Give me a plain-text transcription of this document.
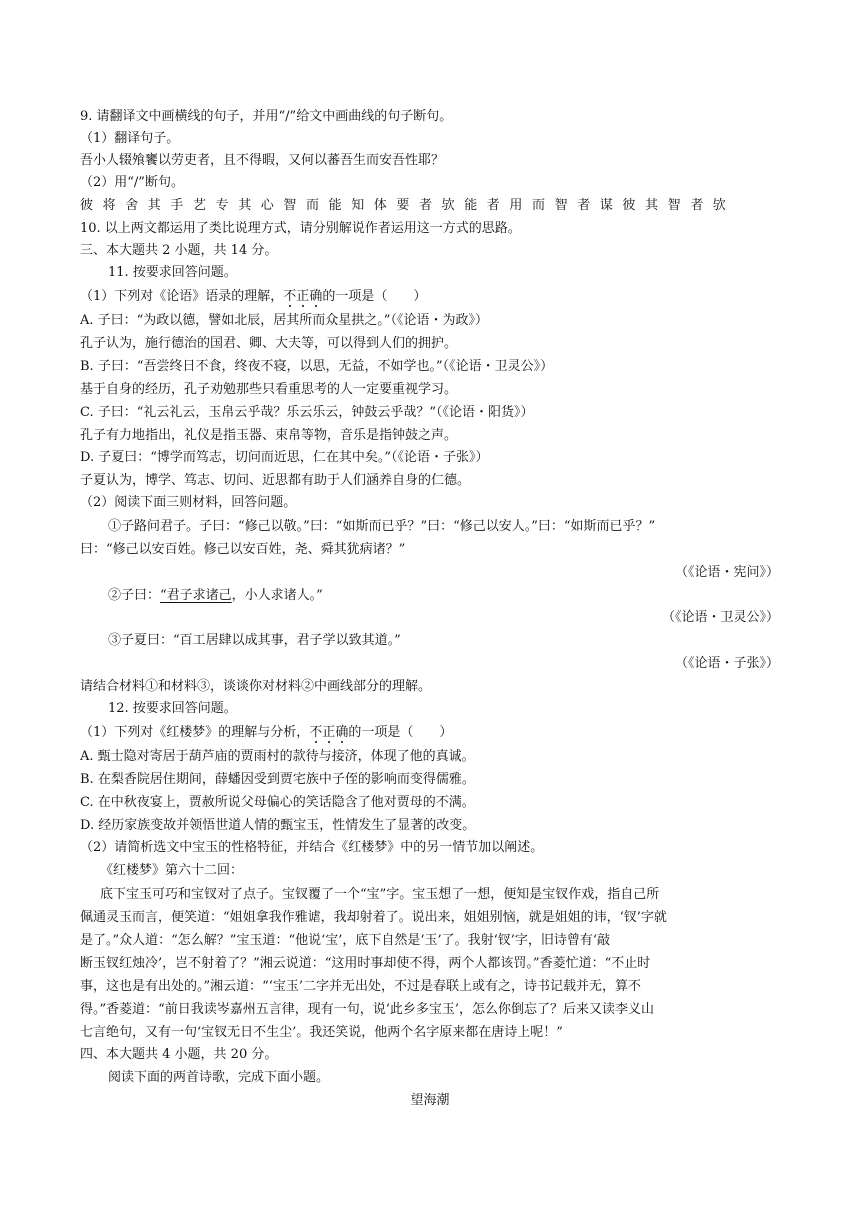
9. 请翻译文中画横线的句子，并用“/”给文中画曲线的句子断句。
（1）翻译句子。
吾小人辍飧饔以劳吏者，且不得暇，又何以蕃吾生而安吾性耶？
（2）用“/”断句。
彼将舍其手艺专其心智而能知体要者欤能者用而智者谋彼其智者欤
10. 以上两文都运用了类比说理方式，请分别解说作者运用这一方式的思路。
三、本大题共 2 小题，共 14 分。
11. 按要求回答问题。
（1）下列对《论语》语录的理解，不正确的一项是（　　）
A. 子曰：“为政以德，譬如北辰，居其所而众星拱之。”（《论语・为政》）
孔子认为，施行德治的国君、卿、大夫等，可以得到人们的拥护。
B. 子曰：“吾尝终日不食，终夜不寝，以思，无益，不如学也。”（《论语・卫灵公》）
基于自身的经历，孔子劝勉那些只看重思考的人一定要重视学习。
C. 子曰：“礼云礼云，玉帛云乎哉？乐云乐云，钟鼓云乎哉？”（《论语・阳货》）
孔子有力地指出，礼仪是指玉器、束帛等物，音乐是指钟鼓之声。
D. 子夏曰：“博学而笃志，切问而近思，仁在其中矣。”（《论语・子张》）
子夏认为，博学、笃志、切问、近思都有助于人们涵养自身的仁德。
（2）阅读下面三则材料，回答问题。
①子路问君子。子曰：“修己以敬。”曰：“如斯而已乎？”曰：“修己以安人。”曰：“如斯而已乎？”
曰：“修己以安百姓。修己以安百姓，尧、舜其犹病诸？”
（《论语・宪问》）
②子曰：“君子求诸己，小人求诸人。”
（《论语・卫灵公》）
③子夏曰：“百工居肆以成其事，君子学以致其道。”
（《论语・子张》）
请结合材料①和材料③，谈谈你对材料②中画线部分的理解。
12. 按要求回答问题。
（1）下列对《红楼梦》的理解与分析，不正确的一项是（　　）
A. 甄士隐对寄居于葫芦庙的贾雨村的款待与接济，体现了他的真诚。
B. 在梨香院居住期间，薛蟠因受到贾宅族中子侄的影响而变得儒雅。
C. 在中秋夜宴上，贾赦所说父母偏心的笑话隐含了他对贾母的不满。
D. 经历家族变故并领悟世道人情的甄宝玉，性情发生了显著的改变。
（2）请简析选文中宝玉的性格特征，并结合《红楼梦》中的另一情节加以阐述。
《红楼梦》第六十二回：
底下宝玉可巧和宝钗对了点子。宝钗覆了一个“宝”字。宝玉想了一想，便知是宝钗作戏，指自己所
佩通灵玉而言，便笑道：“姐姐拿我作雅谑，我却射着了。说出来，姐姐别恼，就是姐姐的讳，‘钗’字就
是了。”众人道：“怎么解？”宝玉道：“他说‘宝’，底下自然是‘玉’了。我射‘钗’字，旧诗曾有‘敲
断玉钗红烛冷’，岂不射着了？”湘云说道：“这用时事却使不得，两个人都该罚。”香菱忙道：“不止时
事，这也是有出处的。”湘云道：“‘宝玉’二字并无出处，不过是春联上或有之，诗书记载并无，算不
得。”香菱道：“前日我读岑嘉州五言律，现有一句，说‘此乡多宝玉’，怎么你倒忘了？后来又读李义山
七言绝句，又有一句‘宝钗无日不生尘’。我还笑说，他两个名字原来都在唐诗上呢！”
四、本大题共 4 小题，共 20 分。
阅读下面的两首诗歌，完成下面小题。
望海潮
